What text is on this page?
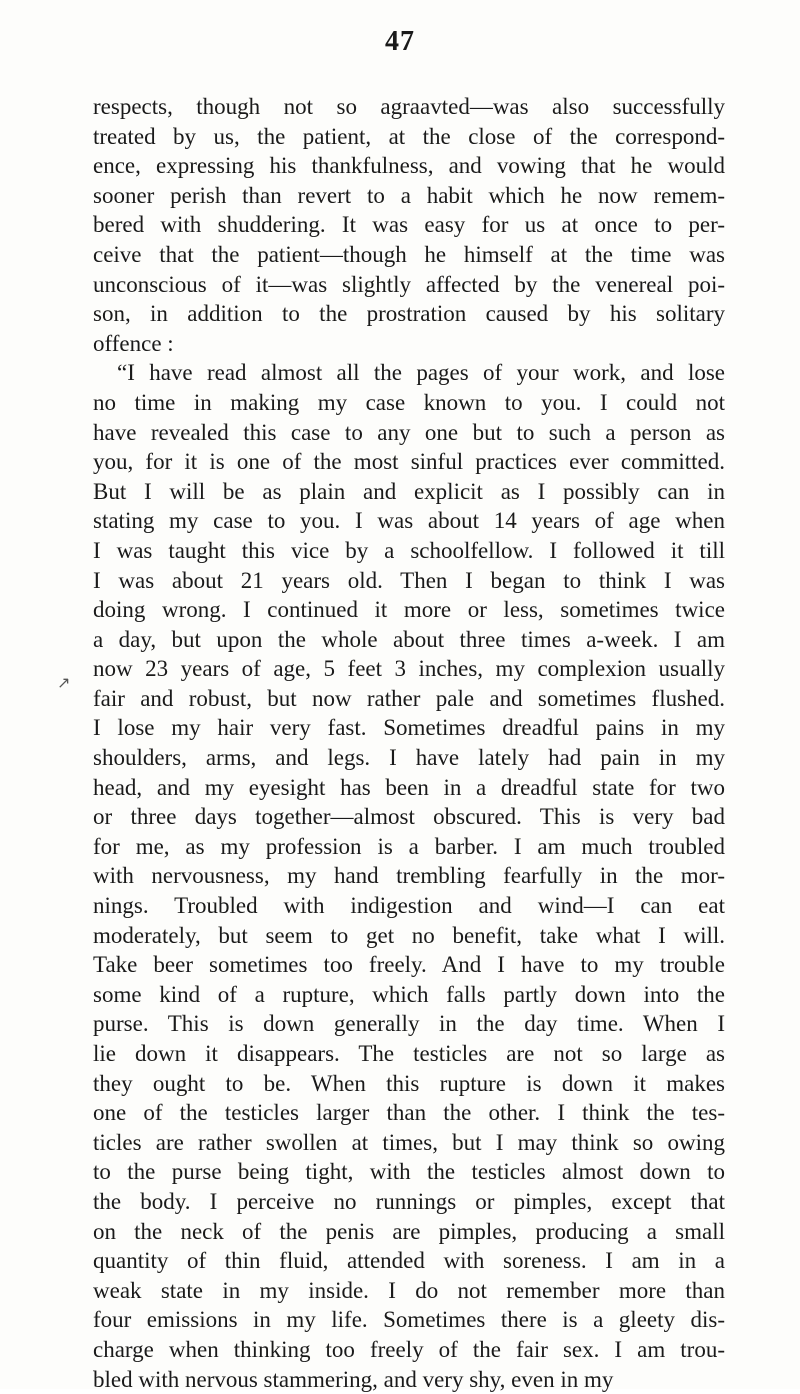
47
↗
respects, though not so agraavted—was also successfully
treated by us, the patient, at the close of the correspond-
ence, expressing his thankfulness, and vowing that he would
sooner perish than revert to a habit which he now remem-
bered with shuddering. It was easy for us at once to per-
ceive that the patient—though he himself at the time was
unconscious of it—was slightly affected by the venereal poi-
son, in addition to the prostration caused by his solitary
offence :
“I have read almost all the pages of your work, and lose
no time in making my case known to you. I could not
have revealed this case to any one but to such a person as
you, for it is one of the most sinful practices ever committed.
But I will be as plain and explicit as I possibly can in
stating my case to you. I was about 14 years of age when
I was taught this vice by a schoolfellow. I followed it till
I was about 21 years old. Then I began to think I was
doing wrong. I continued it more or less, sometimes twice
a day, but upon the whole about three times a-week. I am
now 23 years of age, 5 feet 3 inches, my complexion usually
fair and robust, but now rather pale and sometimes flushed.
I lose my hair very fast. Sometimes dreadful pains in my
shoulders, arms, and legs. I have lately had pain in my
head, and my eyesight has been in a dreadful state for two
or three days together—almost obscured. This is very bad
for me, as my profession is a barber. I am much troubled
with nervousness, my hand trembling fearfully in the mor-
nings. Troubled with indigestion and wind—I can eat
moderately, but seem to get no benefit, take what I will.
Take beer sometimes too freely. And I have to my trouble
some kind of a rupture, which falls partly down into the
purse. This is down generally in the day time. When I
lie down it disappears. The testicles are not so large as
they ought to be. When this rupture is down it makes
one of the testicles larger than the other. I think the tes-
ticles are rather swollen at times, but I may think so owing
to the purse being tight, with the testicles almost down to
the body. I perceive no runnings or pimples, except that
on the neck of the penis are pimples, producing a small
quantity of thin fluid, attended with soreness. I am in a
weak state in my inside. I do not remember more than
four emissions in my life. Sometimes there is a gleety dis-
charge when thinking too freely of the fair sex. I am trou-
bled with nervous stammering, and very shy, even in my
